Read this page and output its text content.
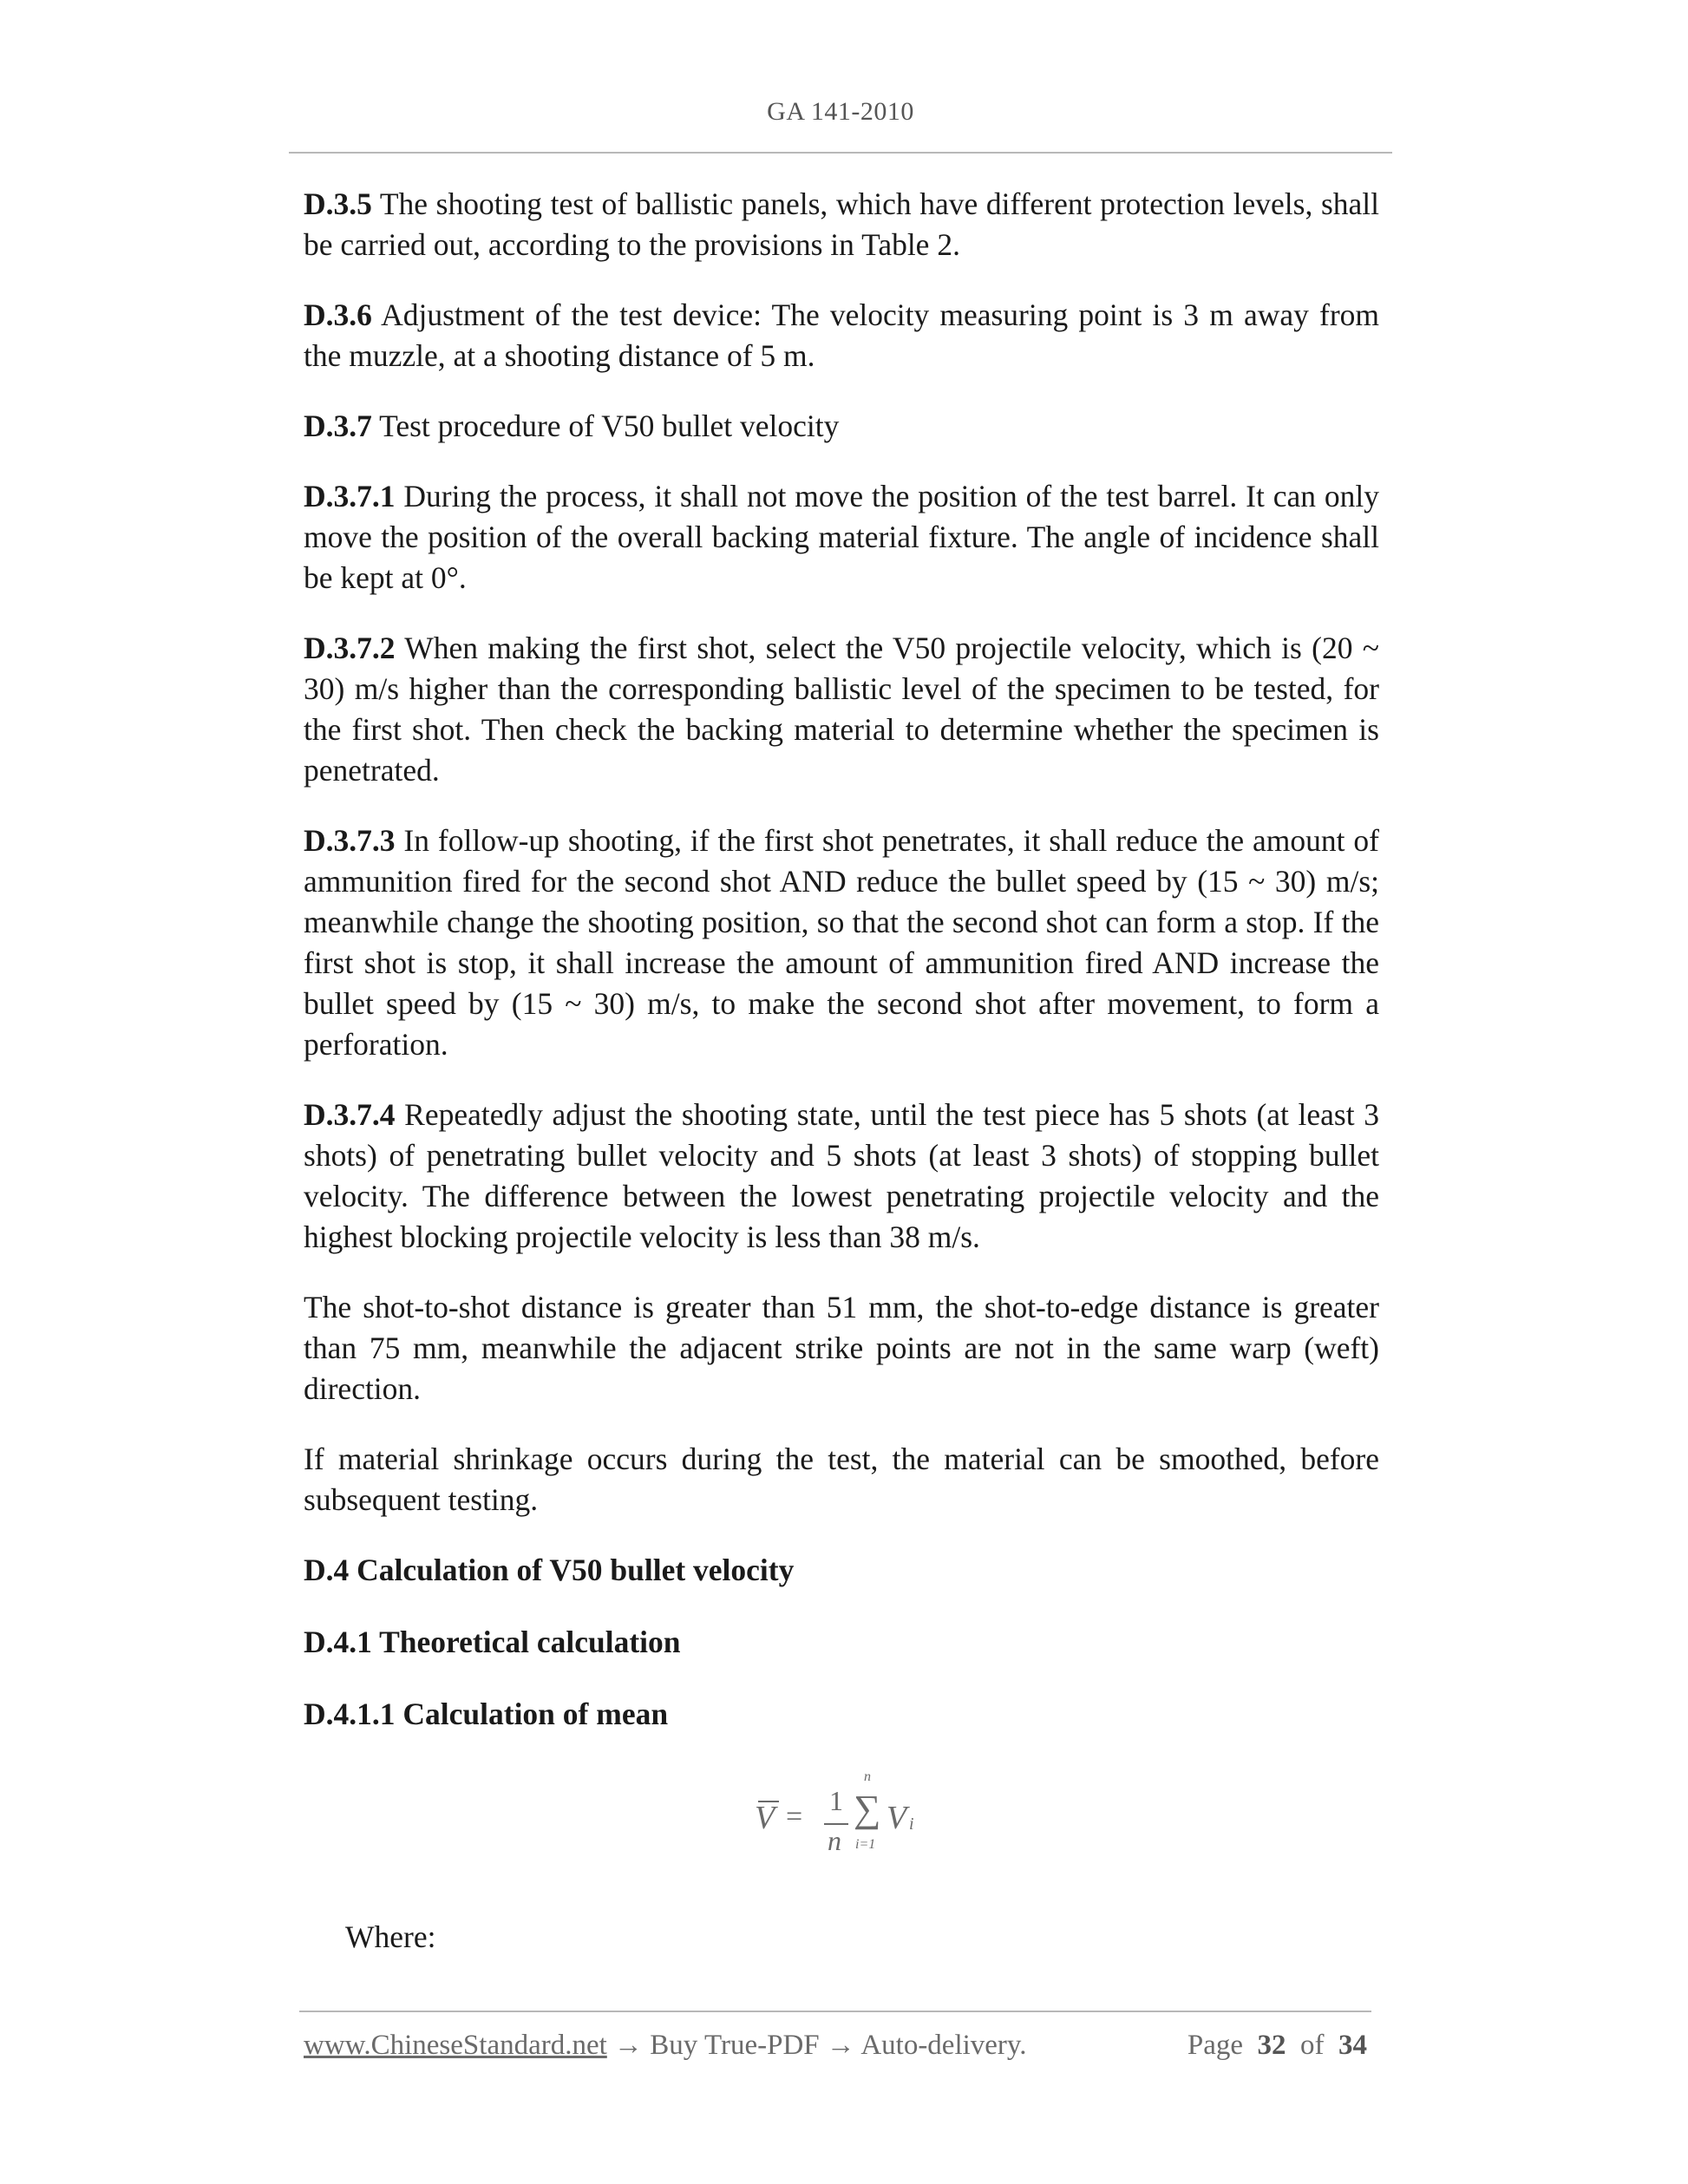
GA 141-2010

D.3.5 The shooting test of ballistic panels, which have different protection levels, shall be carried out, according to the provisions in Table 2.

D.3.6 Adjustment of the test device: The velocity measuring point is 3 m away from the muzzle, at a shooting distance of 5 m.

D.3.7 Test procedure of V50 bullet velocity

D.3.7.1 During the process, it shall not move the position of the test barrel. It can only move the position of the overall backing material fixture. The angle of incidence shall be kept at 0°.

D.3.7.2 When making the first shot, select the V50 projectile velocity, which is (20 ~ 30) m/s higher than the corresponding ballistic level of the specimen to be tested, for the first shot. Then check the backing material to determine whether the specimen is penetrated.

D.3.7.3 In follow-up shooting, if the first shot penetrates, it shall reduce the amount of ammunition fired for the second shot AND reduce the bullet speed by (15 ~ 30) m/s; meanwhile change the shooting position, so that the second shot can form a stop. If the first shot is stop, it shall increase the amount of ammunition fired AND increase the bullet speed by (15 ~ 30) m/s, to make the second shot after movement, to form a perforation.

D.3.7.4 Repeatedly adjust the shooting state, until the test piece has 5 shots (at least 3 shots) of penetrating bullet velocity and 5 shots (at least 3 shots) of stopping bullet velocity. The difference between the lowest penetrating projectile velocity and the highest blocking projectile velocity is less than 38 m/s.

The shot-to-shot distance is greater than 51 mm, the shot-to-edge distance is greater than 75 mm, meanwhile the adjacent strike points are not in the same warp (weft) direction.

If material shrinkage occurs during the test, the material can be smoothed, before subsequent testing.

D.4 Calculation of V50 bullet velocity

D.4.1 Theoretical calculation

D.4.1.1 Calculation of mean

V = 1
n
n
∑
i=1
V i
Where:
www.ChineseStandard.net → Buy True-PDF → Auto-delivery.	Page 32 of 34
